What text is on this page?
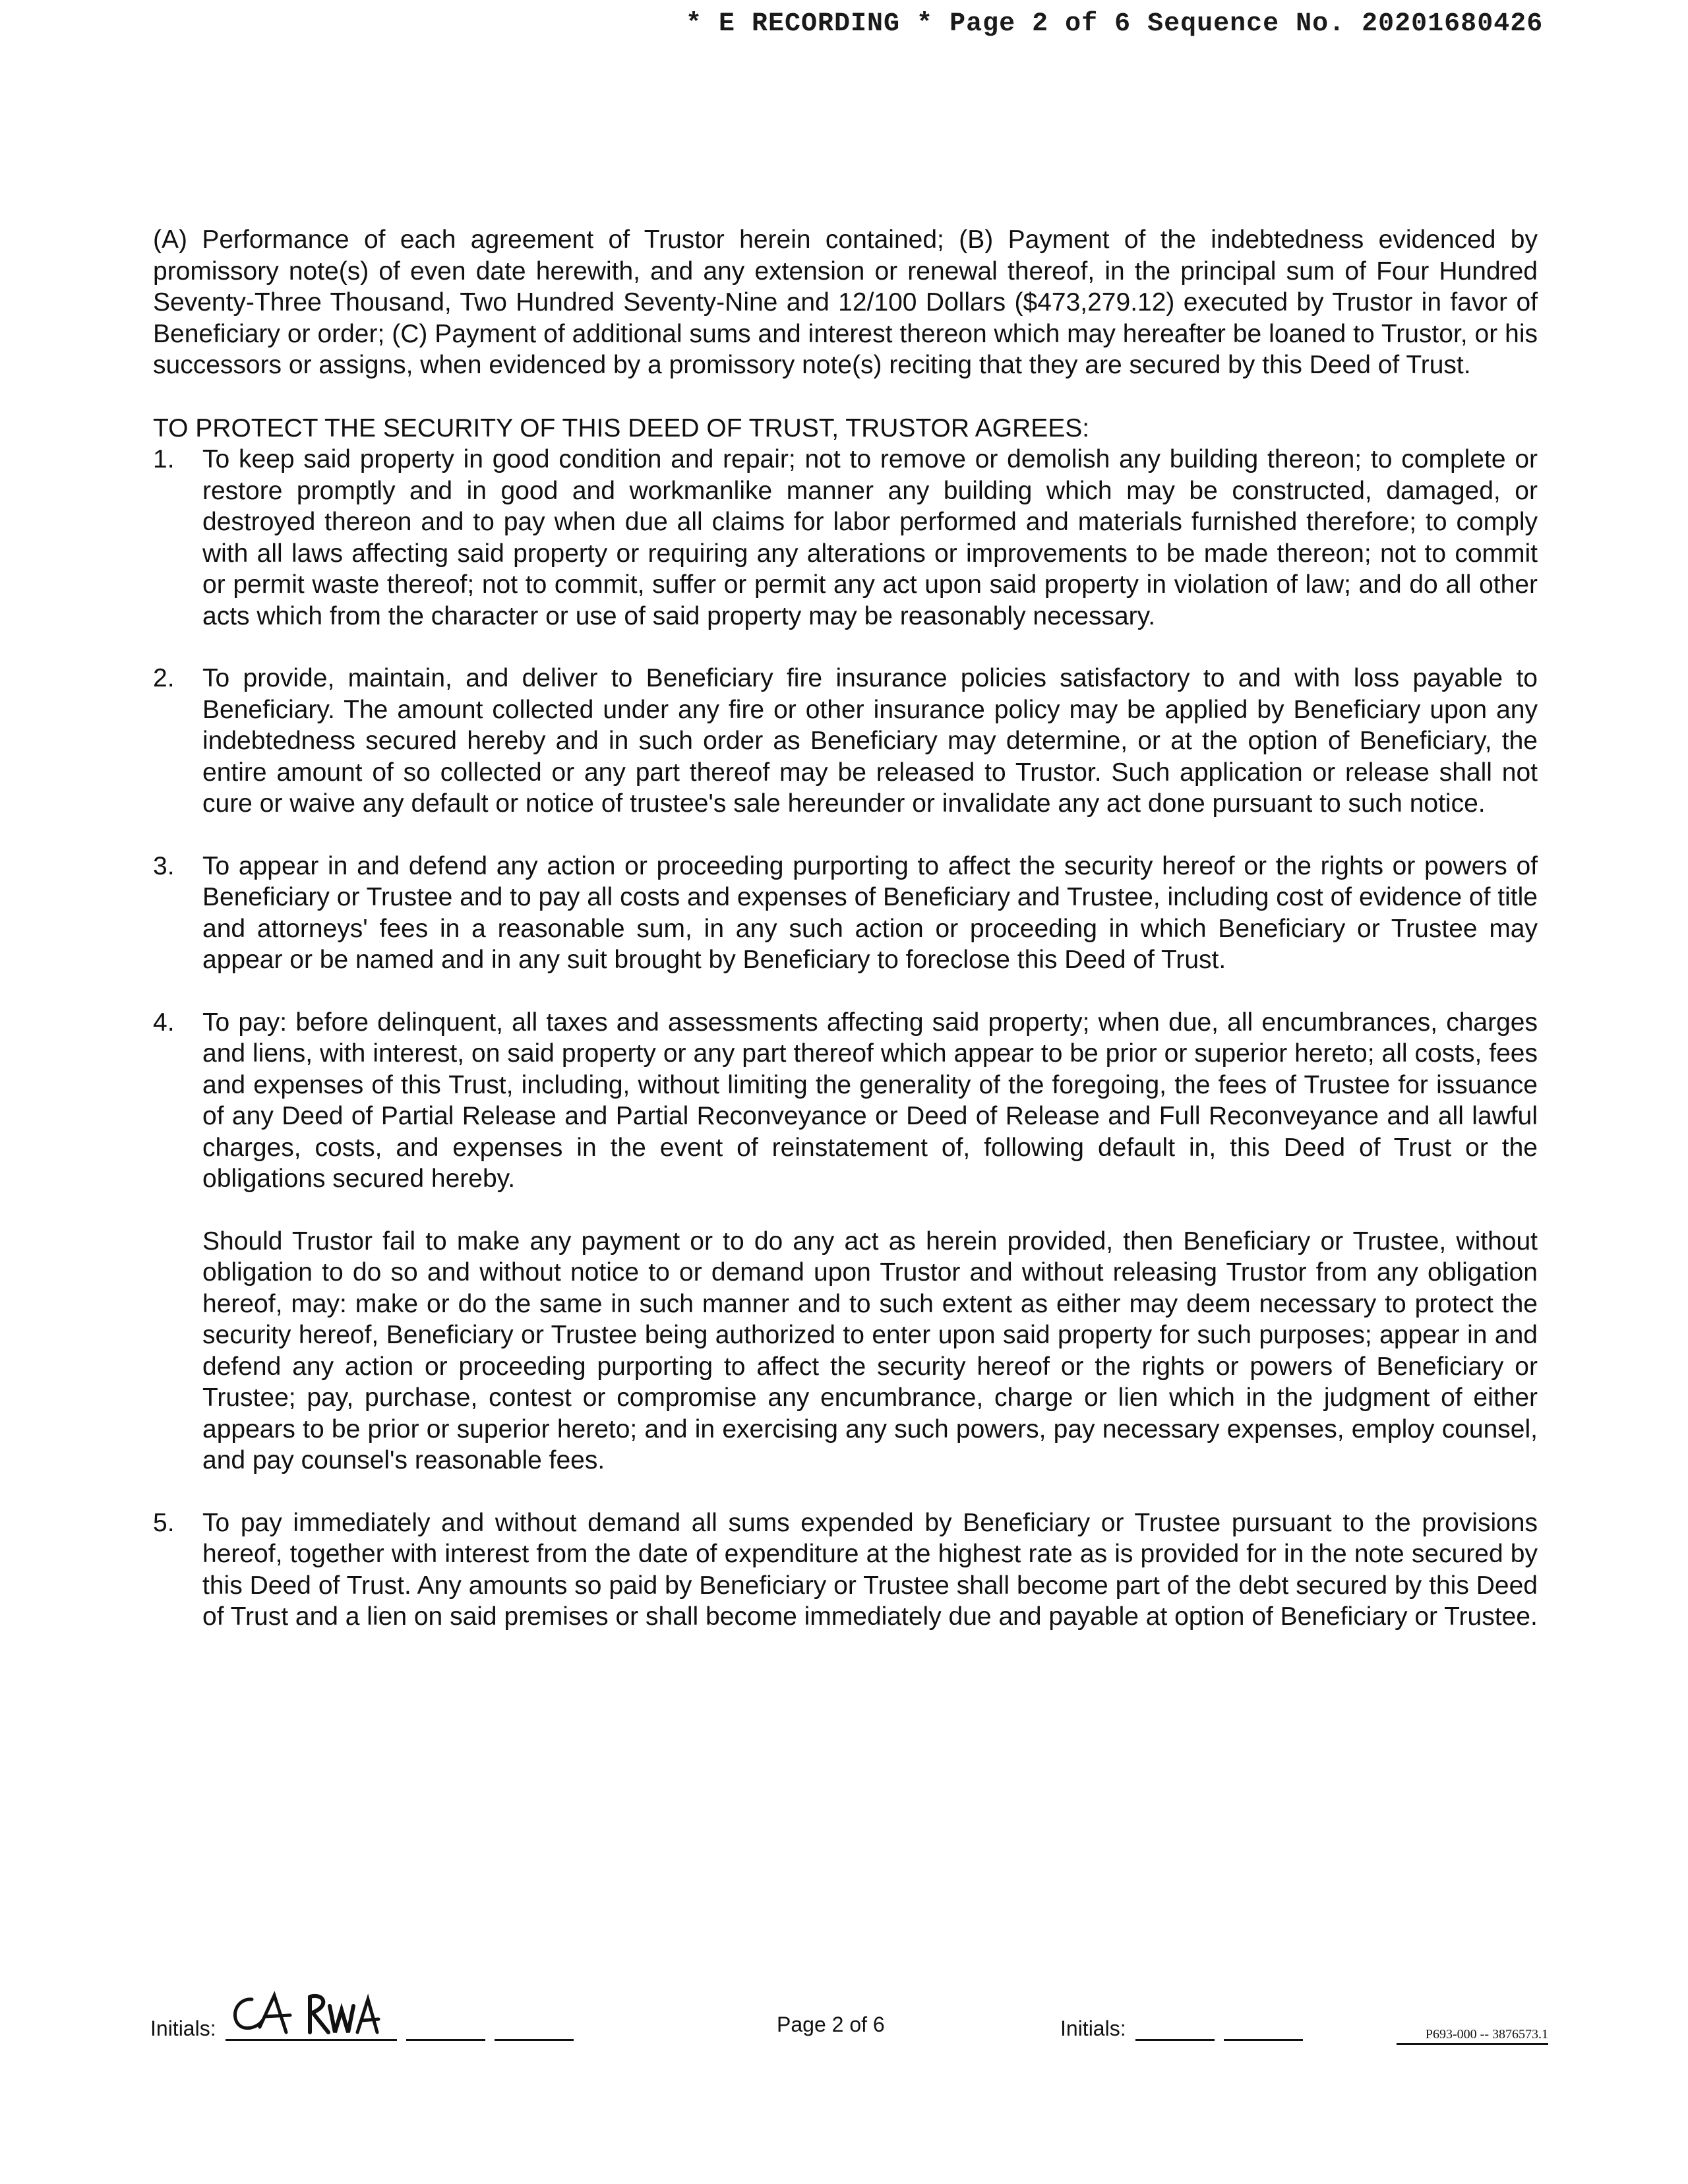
* E RECORDING * Page 2 of 6 Sequence No. 20201680426

(A) Performance of each agreement of Trustor herein contained; (B) Payment of the indebtedness evidenced by promissory note(s) of even date herewith, and any extension or renewal thereof, in the principal sum of Four Hundred Seventy-Three Thousand, Two Hundred Seventy-Nine and 12/100 Dollars ($473,279.12) executed by Trustor in favor of Beneficiary or order; (C) Payment of additional sums and interest thereon which may hereafter be loaned to Trustor, or his successors or assigns, when evidenced by a promissory note(s) reciting that they are secured by this Deed of Trust.

TO PROTECT THE SECURITY OF THIS DEED OF TRUST, TRUSTOR AGREES:

1. To keep said property in good condition and repair; not to remove or demolish any building thereon; to complete or restore promptly and in good and workmanlike manner any building which may be constructed, damaged, or destroyed thereon and to pay when due all claims for labor performed and materials furnished therefore; to comply with all laws affecting said property or requiring any alterations or improvements to be made thereon; not to commit or permit waste thereof; not to commit, suffer or permit any act upon said property in violation of law; and do all other acts which from the character or use of said property may be reasonably necessary.

2. To provide, maintain, and deliver to Beneficiary fire insurance policies satisfactory to and with loss payable to Beneficiary. The amount collected under any fire or other insurance policy may be applied by Beneficiary upon any indebtedness secured hereby and in such order as Beneficiary may determine, or at the option of Beneficiary, the entire amount of so collected or any part thereof may be released to Trustor. Such application or release shall not cure or waive any default or notice of trustee's sale hereunder or invalidate any act done pursuant to such notice.

3. To appear in and defend any action or proceeding purporting to affect the security hereof or the rights or powers of Beneficiary or Trustee and to pay all costs and expenses of Beneficiary and Trustee, including cost of evidence of title and attorneys' fees in a reasonable sum, in any such action or proceeding in which Beneficiary or Trustee may appear or be named and in any suit brought by Beneficiary to foreclose this Deed of Trust.

4. To pay: before delinquent, all taxes and assessments affecting said property; when due, all encumbrances, charges and liens, with interest, on said property or any part thereof which appear to be prior or superior hereto; all costs, fees and expenses of this Trust, including, without limiting the generality of the foregoing, the fees of Trustee for issuance of any Deed of Partial Release and Partial Reconveyance or Deed of Release and Full Reconveyance and all lawful charges, costs, and expenses in the event of reinstatement of, following default in, this Deed of Trust or the obligations secured hereby.

Should Trustor fail to make any payment or to do any act as herein provided, then Beneficiary or Trustee, without obligation to do so and without notice to or demand upon Trustor and without releasing Trustor from any obligation hereof, may: make or do the same in such manner and to such extent as either may deem necessary to protect the security hereof, Beneficiary or Trustee being authorized to enter upon said property for such purposes; appear in and defend any action or proceeding purporting to affect the security hereof or the rights or powers of Beneficiary or Trustee; pay, purchase, contest or compromise any encumbrance, charge or lien which in the judgment of either appears to be prior or superior hereto; and in exercising any such powers, pay necessary expenses, employ counsel, and pay counsel's reasonable fees.

5. To pay immediately and without demand all sums expended by Beneficiary or Trustee pursuant to the provisions hereof, together with interest from the date of expenditure at the highest rate as is provided for in the note secured by this Deed of Trust. Any amounts so paid by Beneficiary or Trustee shall become part of the debt secured by this Deed of Trust and a lien on said premises or shall become immediately due and payable at option of Beneficiary or Trustee.

Initials:	Page 2 of 6	Initials:	P693-000 -- 3876573.1
